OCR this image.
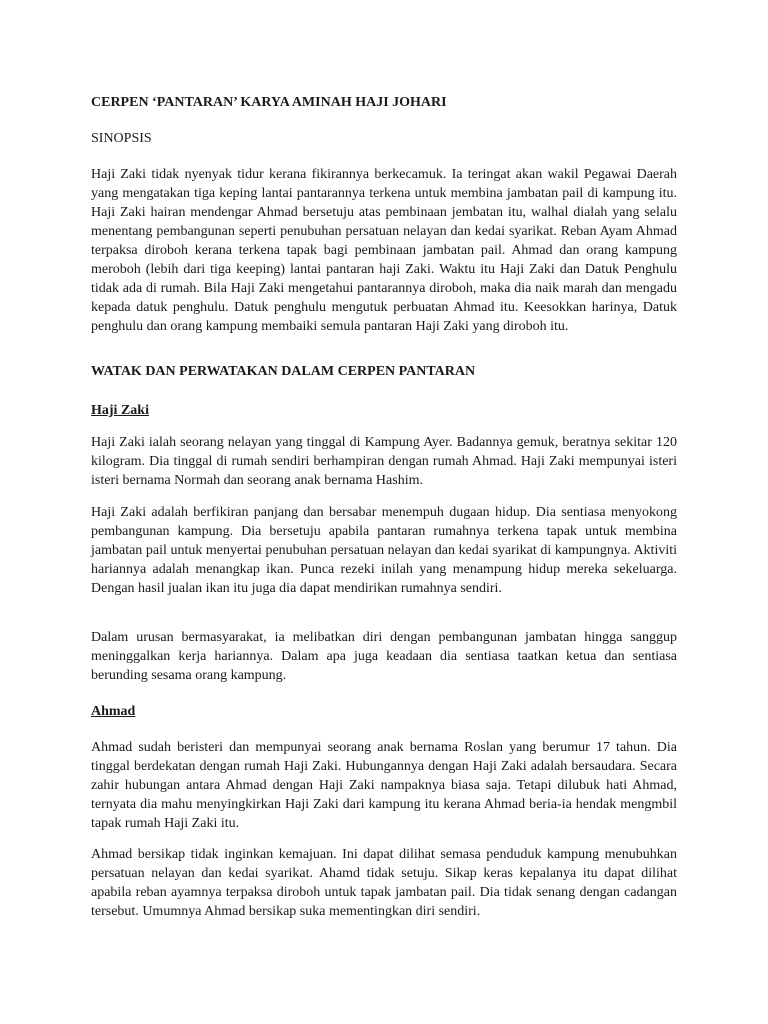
CERPEN ‘PANTARAN’ KARYA AMINAH HAJI JOHARI
SINOPSIS
Haji Zaki tidak nyenyak tidur kerana fikirannya berkecamuk. Ia teringat akan wakil Pegawai Daerah yang mengatakan tiga keping lantai pantarannya terkena untuk membina jambatan pail di kampung itu. Haji Zaki hairan mendengar Ahmad bersetuju atas pembinaan jembatan itu, walhal dialah yang selalu menentang pembangunan seperti penubuhan persatuan nelayan dan kedai syarikat. Reban Ayam Ahmad terpaksa diroboh kerana terkena tapak bagi pembinaan jambatan pail. Ahmad dan orang kampung meroboh (lebih dari tiga keeping) lantai pantaran haji Zaki. Waktu itu Haji Zaki dan Datuk Penghulu tidak ada di rumah. Bila Haji Zaki mengetahui pantarannya diroboh, maka dia naik marah dan mengadu kepada datuk penghulu. Datuk penghulu mengutuk perbuatan Ahmad itu. Keesokkan harinya, Datuk penghulu dan orang kampung membaiki semula pantaran Haji Zaki yang diroboh itu.
WATAK DAN PERWATAKAN DALAM CERPEN PANTARAN
Haji Zaki
Haji Zaki ialah seorang nelayan yang tinggal di Kampung Ayer. Badannya gemuk, beratnya sekitar 120 kilogram. Dia tinggal di rumah sendiri berhampiran dengan rumah Ahmad. Haji Zaki mempunyai isteri isteri bernama Normah dan seorang anak bernama Hashim.
Haji Zaki adalah berfikiran panjang dan bersabar menempuh dugaan hidup. Dia sentiasa menyokong pembangunan kampung. Dia bersetuju apabila pantaran rumahnya terkena tapak untuk membina jambatan pail untuk menyertai penubuhan persatuan nelayan dan kedai syarikat di kampungnya. Aktiviti hariannya adalah menangkap ikan. Punca rezeki inilah yang menampung hidup mereka sekeluarga. Dengan hasil jualan ikan itu juga dia dapat mendirikan rumahnya sendiri.
Dalam urusan bermasyarakat, ia melibatkan diri dengan pembangunan jambatan hingga sanggup meninggalkan kerja hariannya. Dalam apa juga keadaan dia sentiasa taatkan ketua dan sentiasa berunding sesama orang kampung.
Ahmad
Ahmad sudah beristeri dan mempunyai seorang anak bernama Roslan yang berumur 17 tahun. Dia tinggal berdekatan dengan rumah Haji Zaki. Hubungannya dengan Haji Zaki adalah bersaudara. Secara zahir hubungan antara Ahmad dengan Haji Zaki nampaknya biasa saja. Tetapi dilubuk hati Ahmad, ternyata dia mahu menyingkirkan Haji Zaki dari kampung itu kerana Ahmad beria-ia hendak mengmbil tapak rumah Haji Zaki itu.
Ahmad bersikap tidak inginkan kemajuan. Ini dapat dilihat semasa penduduk kampung menubuhkan persatuan nelayan dan kedai syarikat. Ahamd tidak setuju. Sikap keras kepalanya itu dapat dilihat apabila reban ayamnya terpaksa diroboh untuk tapak jambatan pail. Dia tidak senang dengan cadangan tersebut. Umumnya Ahmad bersikap suka mementingkan diri sendiri.
